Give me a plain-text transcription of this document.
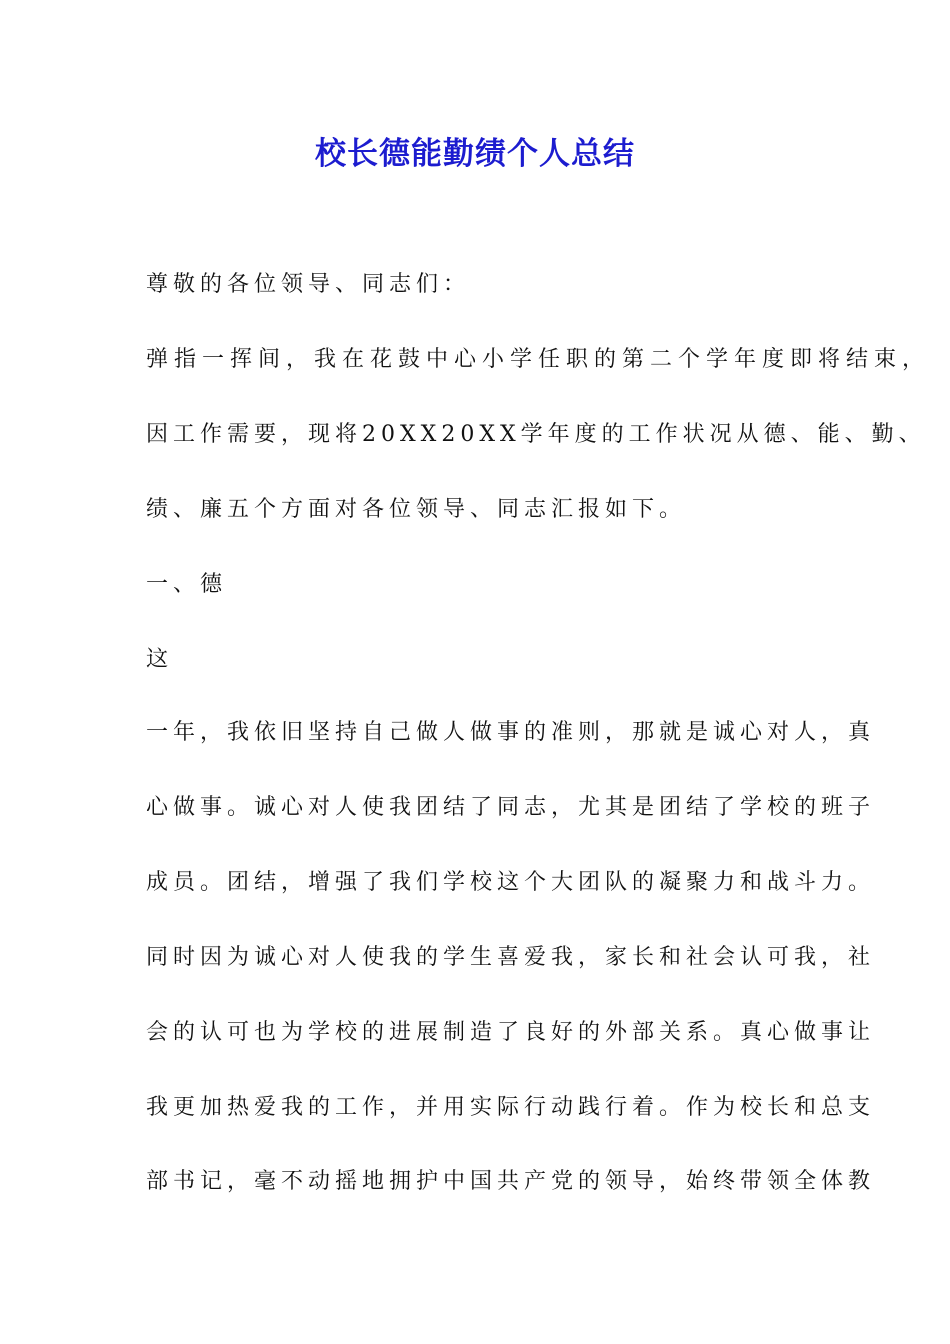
校长德能勤绩个人总结

尊敬的各位领导、同志们：

弹指一挥间，我在花鼓中心小学任职的第二个学年度即将结束，

因工作需要，现将20XX20XX学年度的工作状况从德、能、勤、

绩、廉五个方面对各位领导、同志汇报如下。

一、德

这

一年，我依旧坚持自己做人做事的准则，那就是诚心对人，真

心做事。诚心对人使我团结了同志，尤其是团结了学校的班子

成员。团结，增强了我们学校这个大团队的凝聚力和战斗力。

同时因为诚心对人使我的学生喜爱我，家长和社会认可我，社

会的认可也为学校的进展制造了良好的外部关系。真心做事让

我更加热爱我的工作，并用实际行动践行着。作为校长和总支

部书记，毫不动摇地拥护中国共产党的领导，始终带领全体教
